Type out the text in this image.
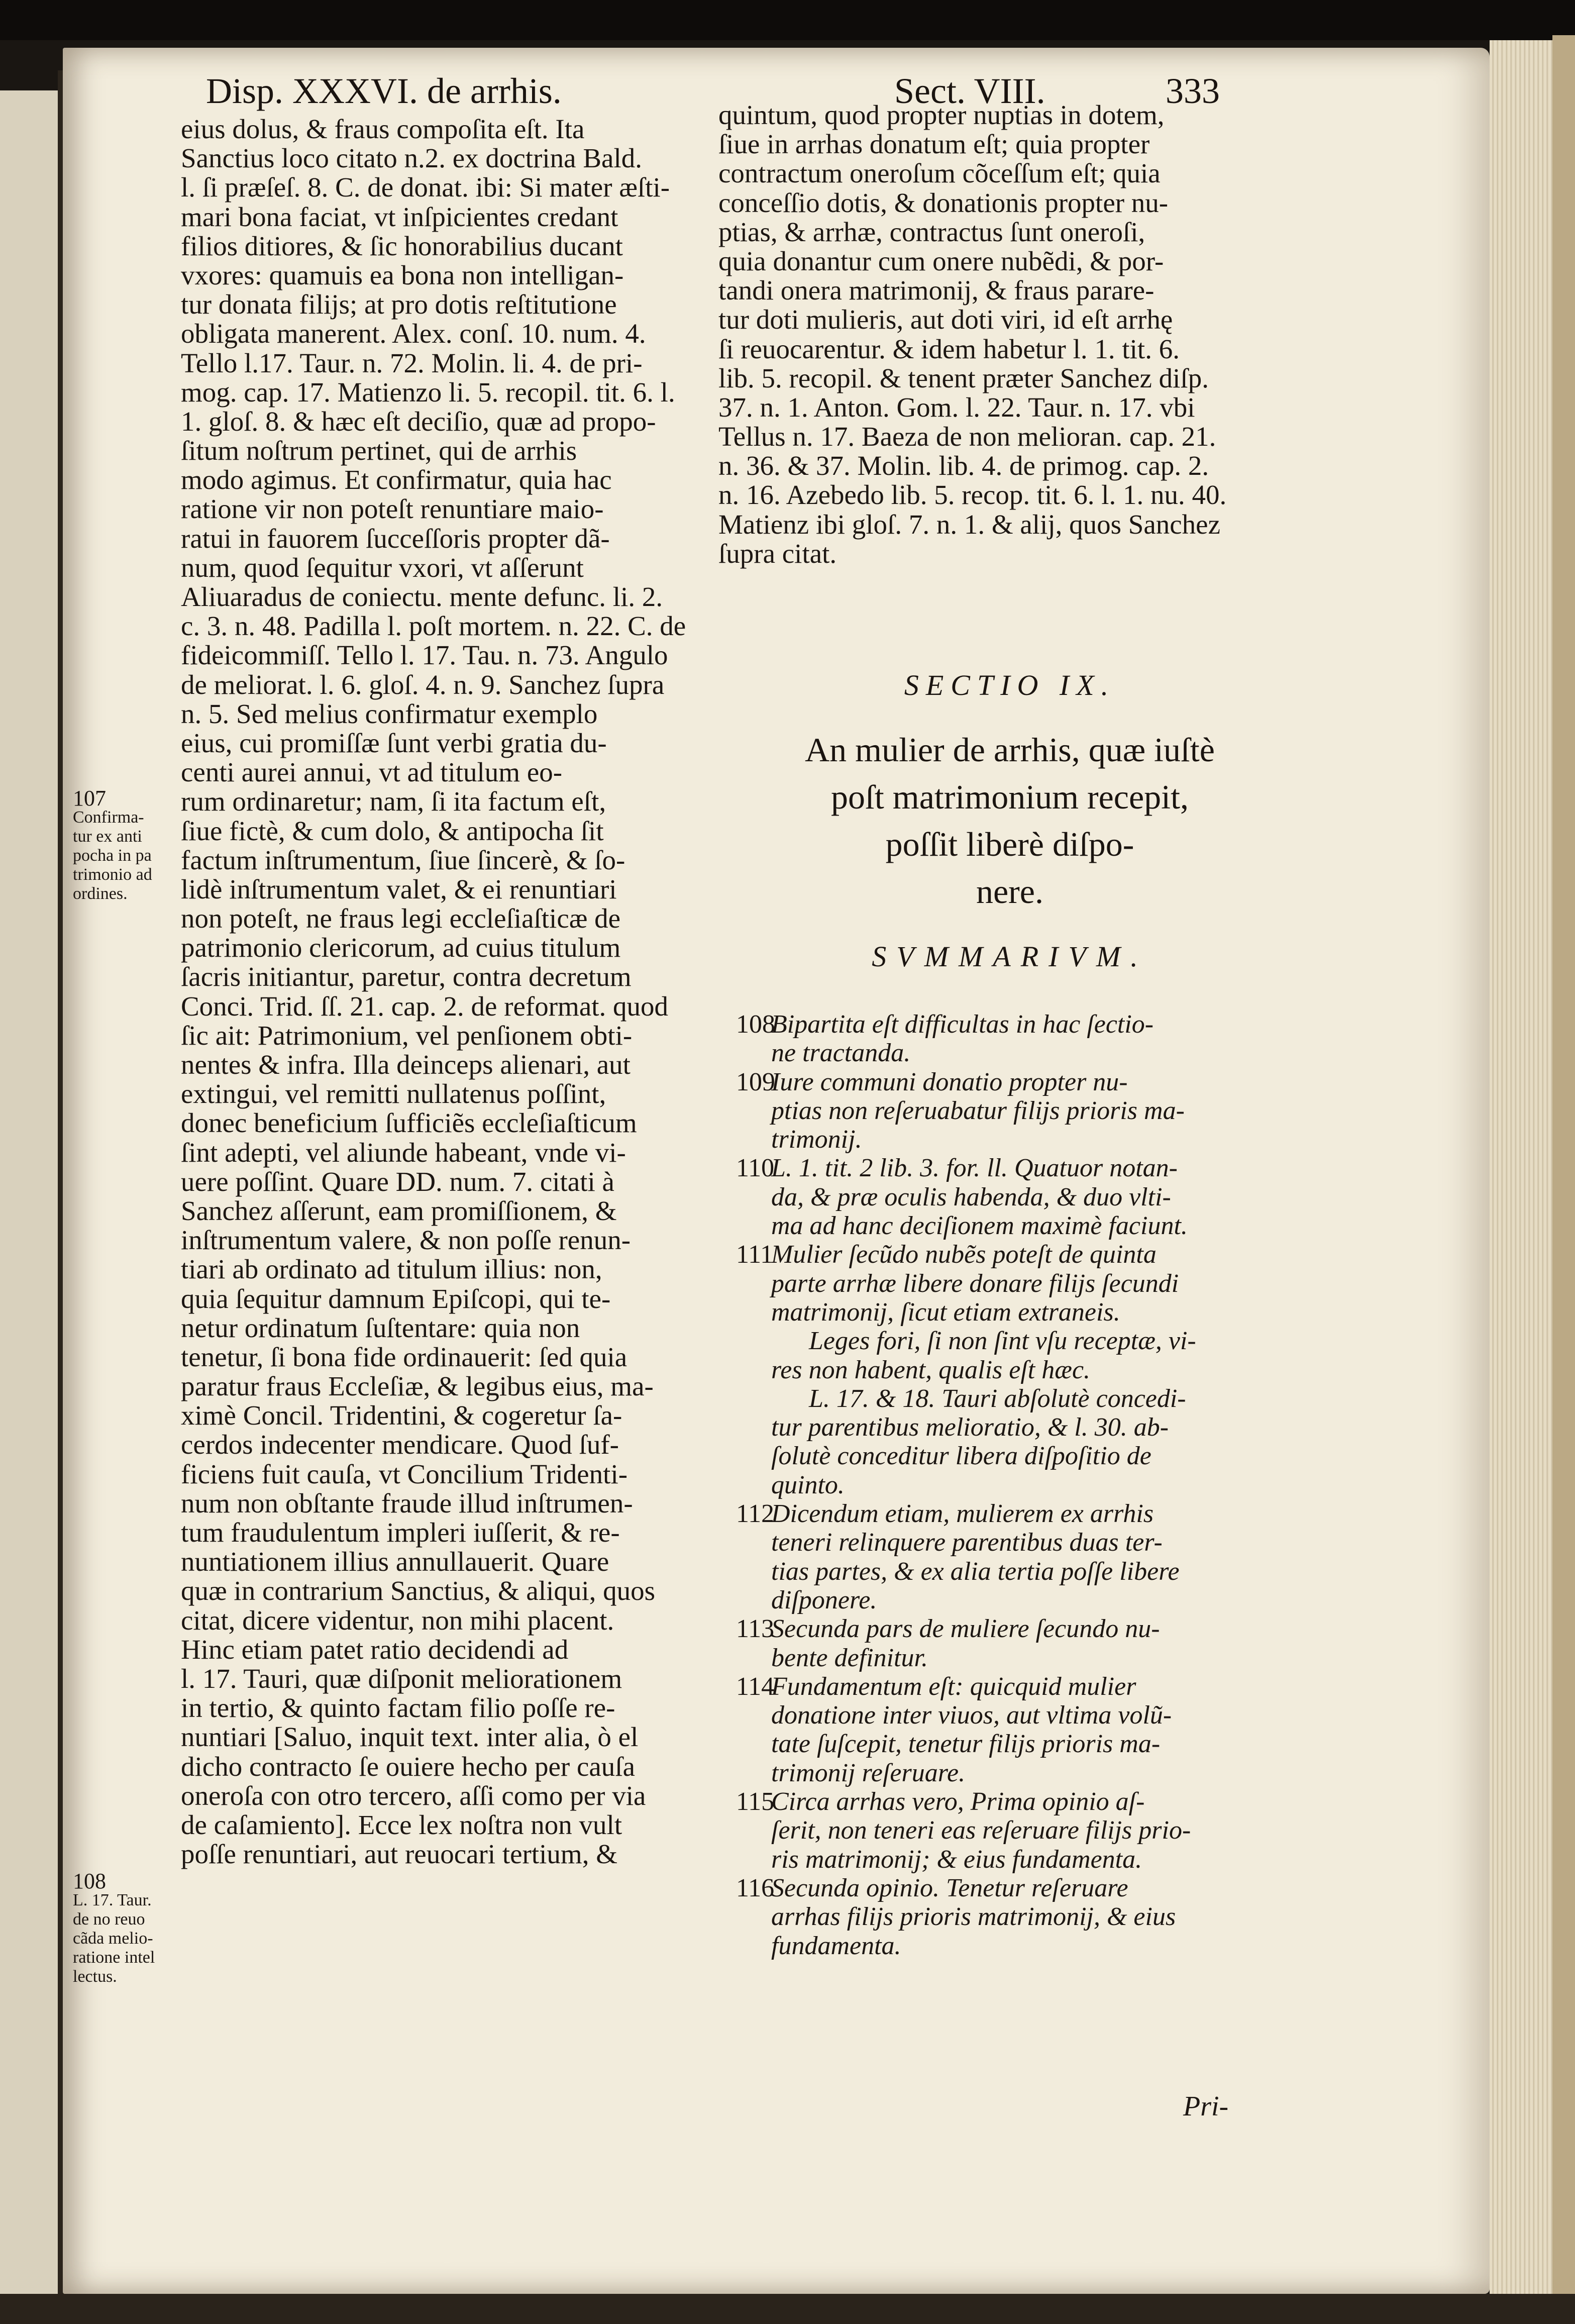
Disp. XXXVI. de arrhis.	Sect. VIII.	333
eius dolus, & fraus compoſita eſt. Ita
Sanctius loco citato n.2. ex doctrina Bald.
l. ſi præſeſ. 8. C. de donat. ibi: Si mater æſti-
mari bona faciat, vt inſpicientes credant
filios ditiores, & ſic honorabilius ducant
vxores: quamuis ea bona non intelligan-
tur donata filijs; at pro dotis reſtitutione
obligata manerent. Alex. conſ. 10. num. 4.
Tello l.17. Taur. n. 72. Molin. li. 4. de pri-
mog. cap. 17. Matienzo li. 5. recopil. tit. 6. l.
1. gloſ. 8. & hæc eſt deciſio, quæ ad propo-
ſitum noſtrum pertinet, qui de arrhis
modo agimus. Et confirmatur, quia hac
ratione vir non poteſt renuntiare maio-
ratui in fauorem ſucceſſoris propter dã-
num, quod ſequitur vxori, vt aſſerunt
Aliuaradus de coniectu. mente defunc. li. 2.
c. 3. n. 48. Padilla l. poſt mortem. n. 22. C. de
fideicommiſſ. Tello l. 17. Tau. n. 73. Angulo
de meliorat. l. 6. gloſ. 4. n. 9. Sanchez ſupra
n. 5. Sed melius confirmatur exemplo
eius, cui promiſſæ ſunt verbi gratia du-
centi aurei annui, vt ad titulum eo-
rum ordinaretur; nam, ſi ita factum eſt,
ſiue fictè, & cum dolo, & antipocha ſit
factum inſtrumentum, ſiue ſincerè, & ſo-
lidè inſtrumentum valet, & ei renuntiari
non poteſt, ne fraus legi eccleſiaſticæ de
patrimonio clericorum, ad cuius titulum
ſacris initiantur, paretur, contra decretum
Conci. Trid. ſſ. 21. cap. 2. de reformat. quod
ſic ait: Patrimonium, vel penſionem obti-
nentes & infra. Illa deinceps alienari, aut
extingui, vel remitti nullatenus poſſint,
donec beneficium ſufficiẽs eccleſiaſticum
ſint adepti, vel aliunde habeant, vnde vi-
uere poſſint. Quare DD. num. 7. citati à
Sanchez aſſerunt, eam promiſſionem, &
inſtrumentum valere, & non poſſe renun-
tiari ab ordinato ad titulum illius: non,
quia ſequitur damnum Epiſcopi, qui te-
netur ordinatum ſuſtentare: quia non
tenetur, ſi bona fide ordinauerit: ſed quia
paratur fraus Eccleſiæ, & legibus eius, ma-
ximè Concil. Tridentini, & cogeretur ſa-
cerdos indecenter mendicare. Quod ſuf-
ficiens fuit cauſa, vt Concilium Tridenti-
num non obſtante fraude illud inſtrumen-
tum fraudulentum impleri iuſſerit, & re-
nuntiationem illius annullauerit. Quare
quæ in contrarium Sanctius, & aliqui, quos
citat, dicere videntur, non mihi placent.
Hinc etiam patet ratio decidendi ad
l. 17. Tauri, quæ diſponit meliorationem
in tertio, & quinto factam filio poſſe re-
nuntiari [Saluo, inquit text. inter alia, ò el
dicho contracto ſe ouiere hecho per cauſa
oneroſa con otro tercero, aſſi como per via
de caſamiento]. Ecce lex noſtra non vult
poſſe renuntiari, aut reuocari tertium, &
quintum, quod propter nuptias in dotem,
ſiue in arrhas donatum eſt; quia propter
contractum oneroſum cõceſſum eſt; quia
conceſſio dotis, & donationis propter nu-
ptias, & arrhæ, contractus ſunt oneroſi,
quia donantur cum onere nubẽdi, & por-
tandi onera matrimonij, & fraus parare-
tur doti mulieris, aut doti viri, id eſt arrhę
ſi reuocarentur. & idem habetur l. 1. tit. 6.
lib. 5. recopil. & tenent præter Sanchez diſp.
37. n. 1. Anton. Gom. l. 22. Taur. n. 17. vbi
Tellus n. 17. Baeza de non melioran. cap. 21.
n. 36. & 37. Molin. lib. 4. de primog. cap. 2.
n. 16. Azebedo lib. 5. recop. tit. 6. l. 1. nu. 40.
Matienz ibi gloſ. 7. n. 1. & alij, quos Sanchez
ſupra citat.
SECTIO IX.
An mulier de arrhis, quæ iuſtè
poſt matrimonium recepit,
poſſit liberè diſpo-
nere.
SVMMARIVM.
108Bipartita eſt difficultas in hac ſectio-
ne tractanda.
109Iure communi donatio propter nu-
ptias non reſeruabatur filijs prioris ma-
trimonij.
110L. 1. tit. 2 lib. 3. for. ll. Quatuor notan-
da, & præ oculis habenda, & duo vlti-
ma ad hanc deciſionem maximè faciunt.
111Mulier ſecũdo nubẽs poteſt de quinta
parte arrhæ libere donare filijs ſecundi
matrimonij, ſicut etiam extraneis.
Leges fori, ſi non ſint vſu receptæ, vi-
res non habent, qualis eſt hæc.
L. 17. & 18. Tauri abſolutè concedi-
tur parentibus melioratio, & l. 30. ab-
ſolutè conceditur libera diſpoſitio de
quinto.
112Dicendum etiam, mulierem ex arrhis
teneri relinquere parentibus duas ter-
tias partes, & ex alia tertia poſſe libere
diſponere.
113Secunda pars de muliere ſecundo nu-
bente definitur.
114Fundamentum eſt: quicquid mulier
donatione inter viuos, aut vltima volũ-
tate ſuſcepit, tenetur filijs prioris ma-
trimonij reſeruare.
115Circa arrhas vero, Prima opinio aſ-
ſerit, non teneri eas reſeruare filijs prio-
ris matrimonij; & eius fundamenta.
116Secunda opinio. Tenetur reſeruare
arrhas filijs prioris matrimonij, & eius
fundamenta.
Pri-
107
Confirma-
tur ex anti
pocha in pa
trimonio ad
ordines.
108
L. 17. Taur.
de no reuo
cãda melio-
ratione intel
lectus.
